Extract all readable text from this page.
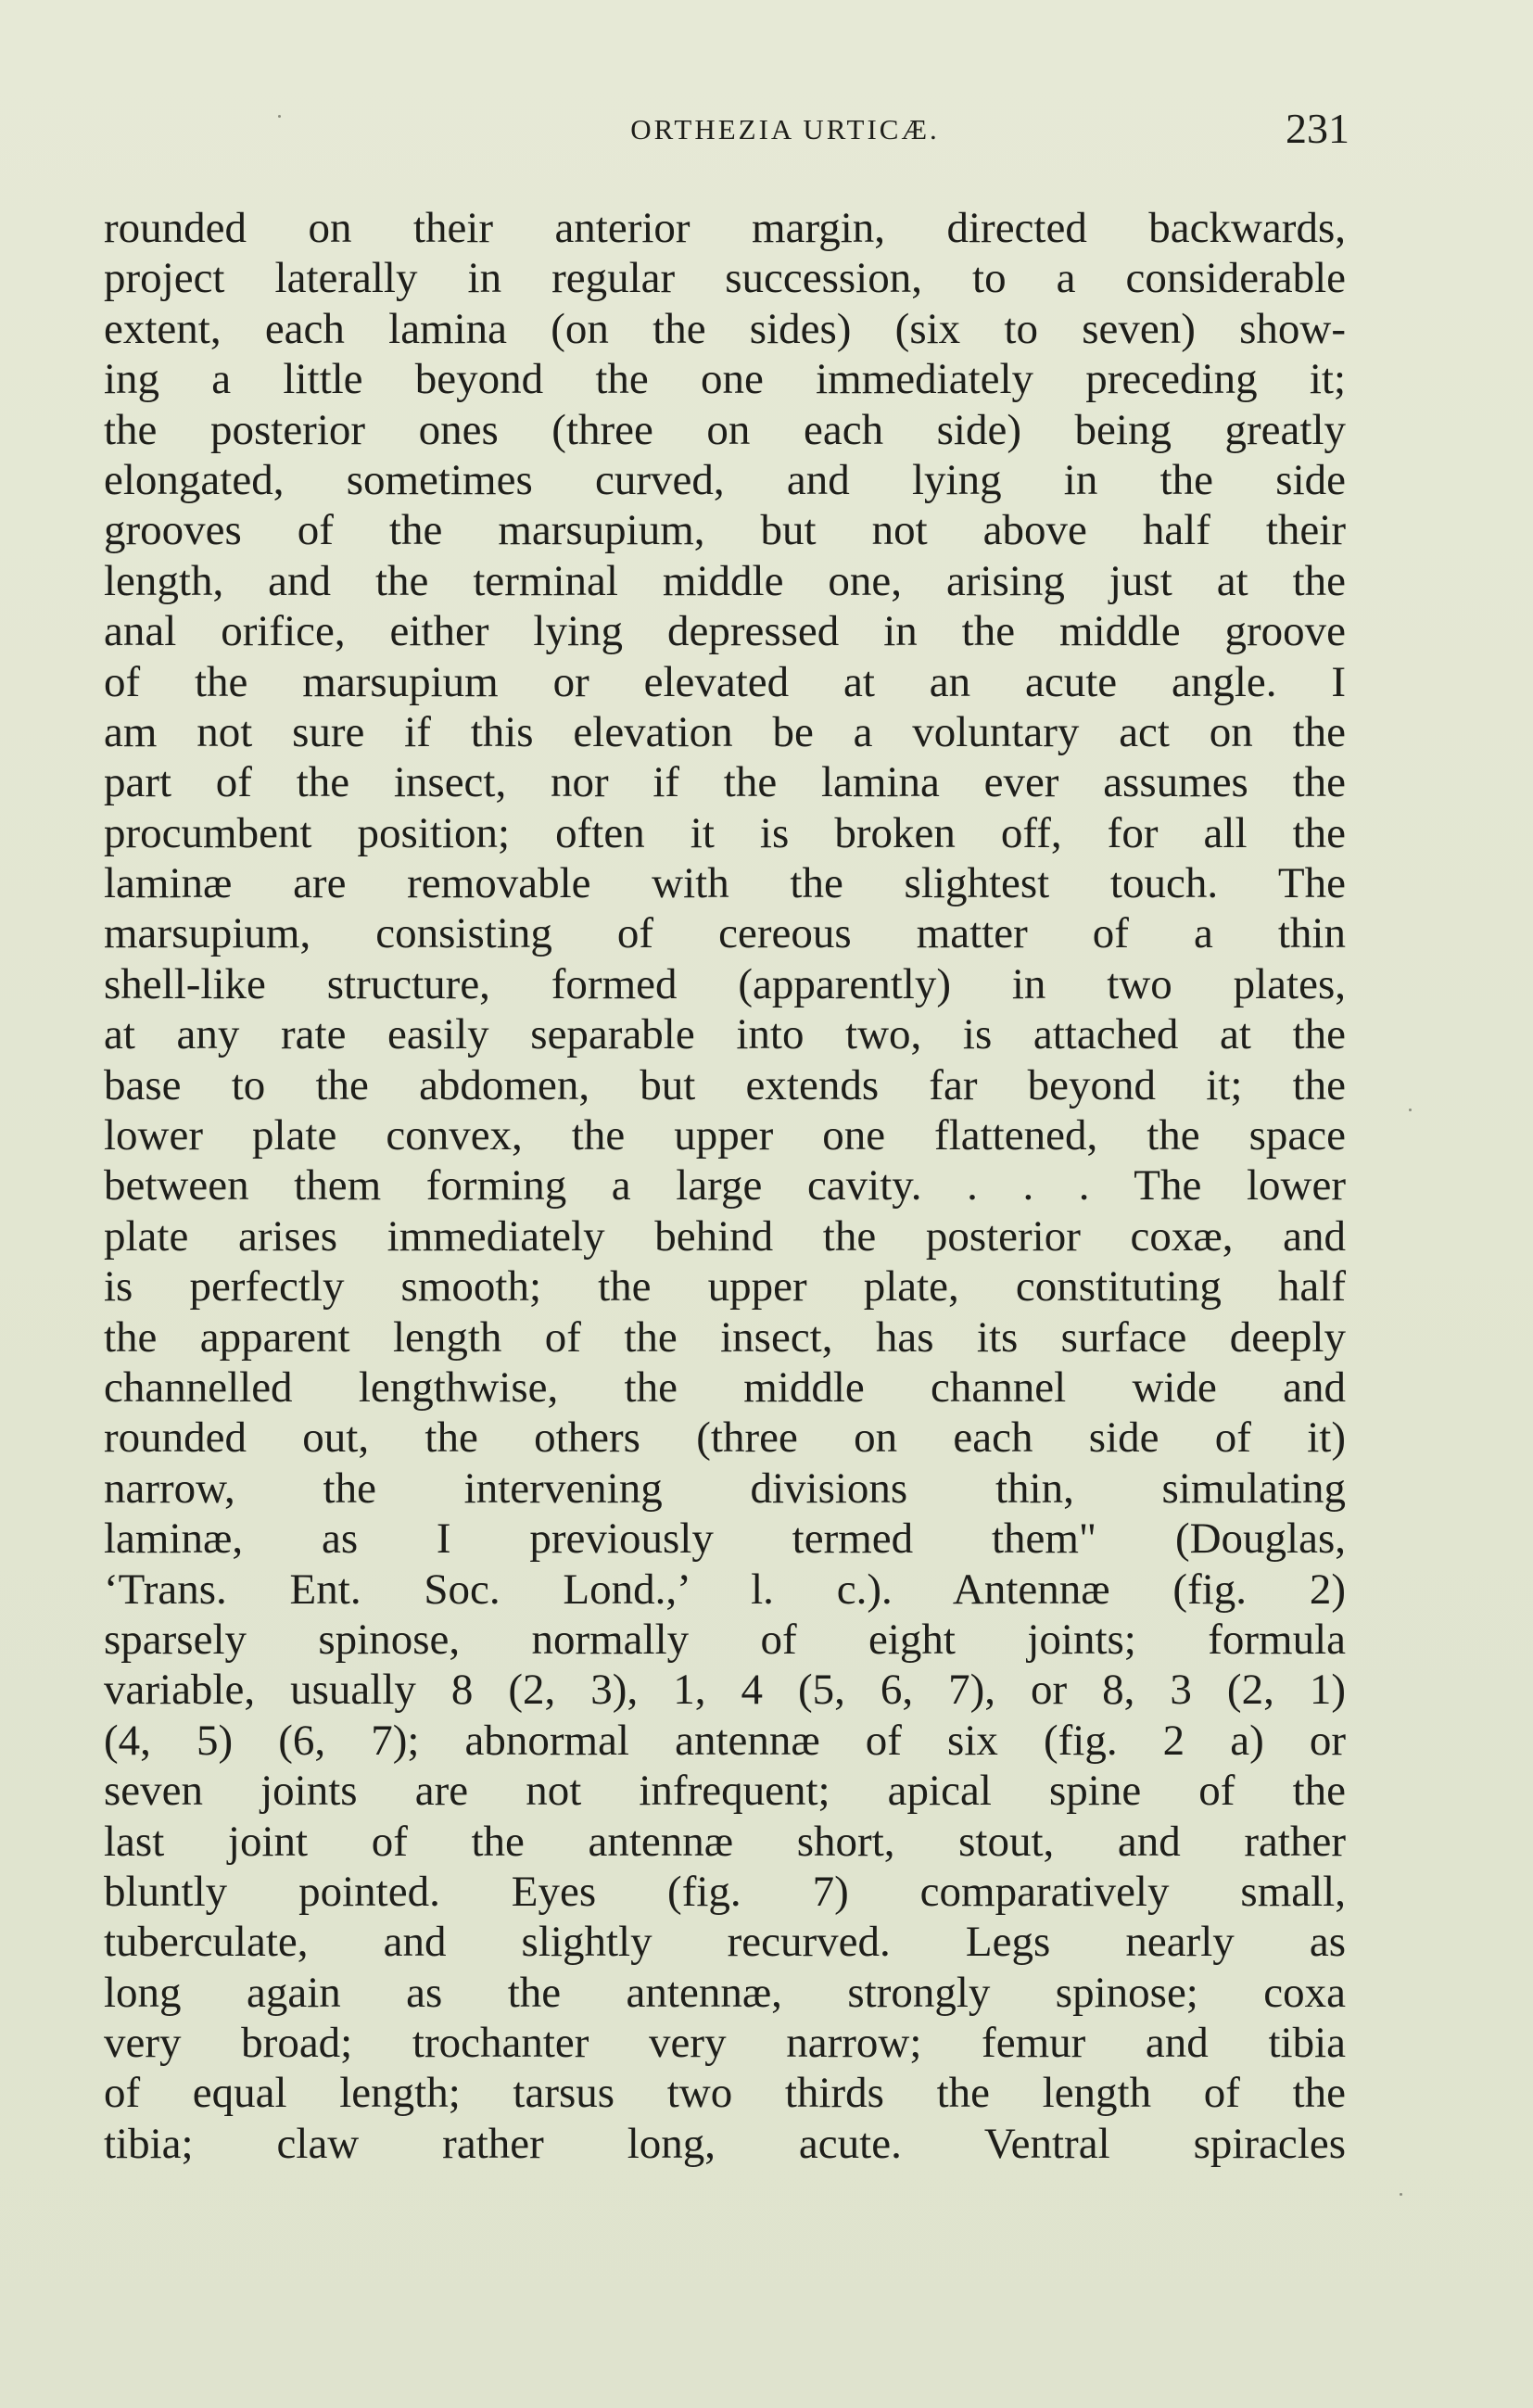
ORTHEZIA URTICÆ.	231
rounded on their anterior margin, directed backwards,
project laterally in regular succession, to a considerable
extent, each lamina (on the sides) (six to seven) show-
ing a little beyond the one immediately preceding it;
the posterior ones (three on each side) being greatly
elongated, sometimes curved, and lying in the side
grooves of the marsupium, but not above half their
length, and the terminal middle one, arising just at the
anal orifice, either lying depressed in the middle groove
of the marsupium or elevated at an acute angle. I
am not sure if this elevation be a voluntary act on the
part of the insect, nor if the lamina ever assumes the
procumbent position; often it is broken off, for all the
laminæ are removable with the slightest touch. The
marsupium, consisting of cereous matter of a thin
shell-like structure, formed (apparently) in two plates,
at any rate easily separable into two, is attached at the
base to the abdomen, but extends far beyond it; the
lower plate convex, the upper one flattened, the space
between them forming a large cavity. . . . The lower
plate arises immediately behind the posterior coxæ, and
is perfectly smooth; the upper plate, constituting half
the apparent length of the insect, has its surface deeply
channelled lengthwise, the middle channel wide and
rounded out, the others (three on each side of it)
narrow, the intervening divisions thin, simulating
laminæ, as I previously termed them" (Douglas,
‘Trans. Ent. Soc. Lond.,’ l. c.). Antennæ (fig. 2)
sparsely spinose, normally of eight joints; formula
variable, usually 8 (2, 3), 1, 4 (5, 6, 7), or 8, 3 (2, 1)
(4, 5) (6, 7); abnormal antennæ of six (fig. 2 a) or
seven joints are not infrequent; apical spine of the
last joint of the antennæ short, stout, and rather
bluntly pointed. Eyes (fig. 7) comparatively small,
tuberculate, and slightly recurved. Legs nearly as
long again as the antennæ, strongly spinose; coxa
very broad; trochanter very narrow; femur and tibia
of equal length; tarsus two thirds the length of the
tibia; claw rather long, acute. Ventral spiracles
